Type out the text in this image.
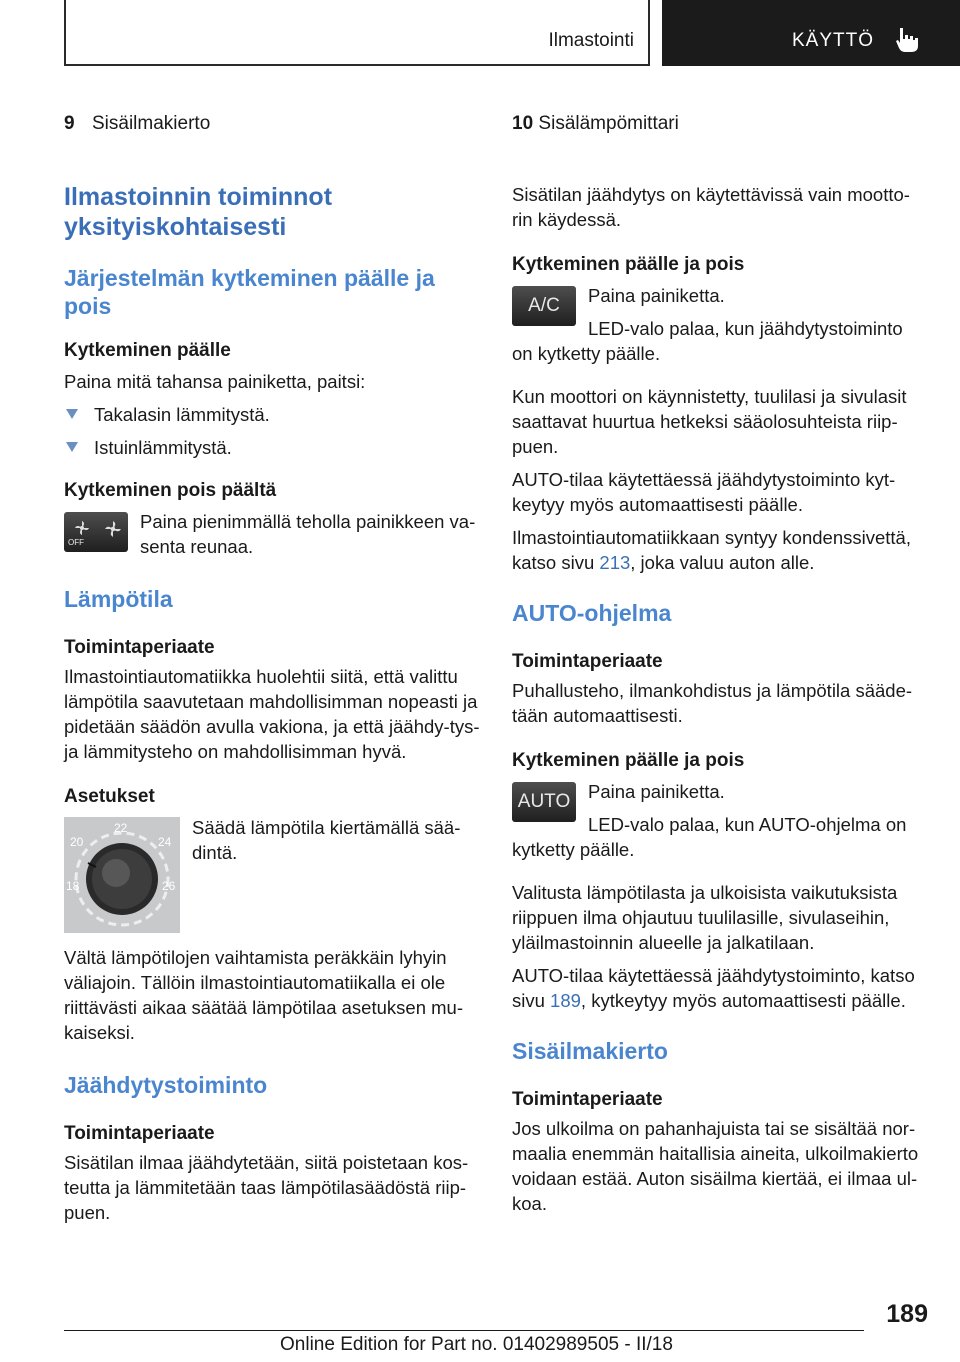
Ilmastointi	KÄYTTÖ
9 Sisäilmakierto
Ilmastoinnin toiminnot yksityiskohtaisesti
Järjestelmän kytkeminen päälle ja pois
Kytkeminen päälle
Paina mitä tahansa painiketta, paitsi:
Takalasin lämmitystä.
Istuinlämmitystä.
Kytkeminen pois päältä
OFF
Paina pienimmällä teholla painikkeen va-senta reunaa.
Lämpötila
Toimintaperiaate
Ilmastointiautomatiikka huolehtii siitä, että valittu lämpötila saavutetaan mahdollisimman nopeasti ja pidetään säädön avulla vakiona, ja että jäähdy-tys- ja lämmitysteho on mahdollisimman hyvä.
Asetukset
22
20	24
18	26
Säädä lämpötila kiertämällä sää-dintä.
Vältä lämpötilojen vaihtamista peräkkäin lyhyin väliajoin. Tällöin ilmastointiautomatiikalla ei ole riittävästi aikaa säätää lämpötilaa asetuksen mu-kaiseksi.
Jäähdytystoiminto
Toimintaperiaate
Sisätilan ilmaa jäähdytetään, siitä poistetaan kos-teutta ja lämmitetään taas lämpötilasäädöstä riip-puen.
10 Sisälämpömittari
Sisätilan jäähdytys on käytettävissä vain mootto-rin käydessä.
Kytkeminen päälle ja pois
A/C	Paina painiketta.
LED-valo palaa, kun jäähdytystoiminto on kytketty päälle.
Kun moottori on käynnistetty, tuulilasi ja sivulasit saattavat huurtua hetkeksi sääolosuhteista riip-puen.
AUTO-tilaa käytettäessä jäähdytystoiminto kyt-keytyy myös automaattisesti päälle.
Ilmastointiautomatiikkaan syntyy kondenssivettä, katso sivu 213, joka valuu auton alle.
AUTO-ohjelma
Toimintaperiaate
Puhallusteho, ilmankohdistus ja lämpötila sääde-tään automaattisesti.
Kytkeminen päälle ja pois
AUTO Paina painiketta.
LED-valo palaa, kun AUTO-ohjelma on kytketty päälle.
Valitusta lämpötilasta ja ulkoisista vaikutuksista riippuen ilma ohjautuu tuulilasille, sivulaseihin, yläilmastoinnin alueelle ja jalkatilaan.
AUTO-tilaa käytettäessä jäähdytystoiminto, katso sivu 189, kytkeytyy myös automaattisesti päälle.
Sisäilmakierto
Toimintaperiaate
Jos ulkoilma on pahanhajuista tai se sisältää nor-maalia enemmän haitallisia aineita, ulkoilmakierto voidaan estää. Auton sisäilma kiertää, ei ilmaa ul-koa.
189
Online Edition for Part no. 01402989505 - II/18
